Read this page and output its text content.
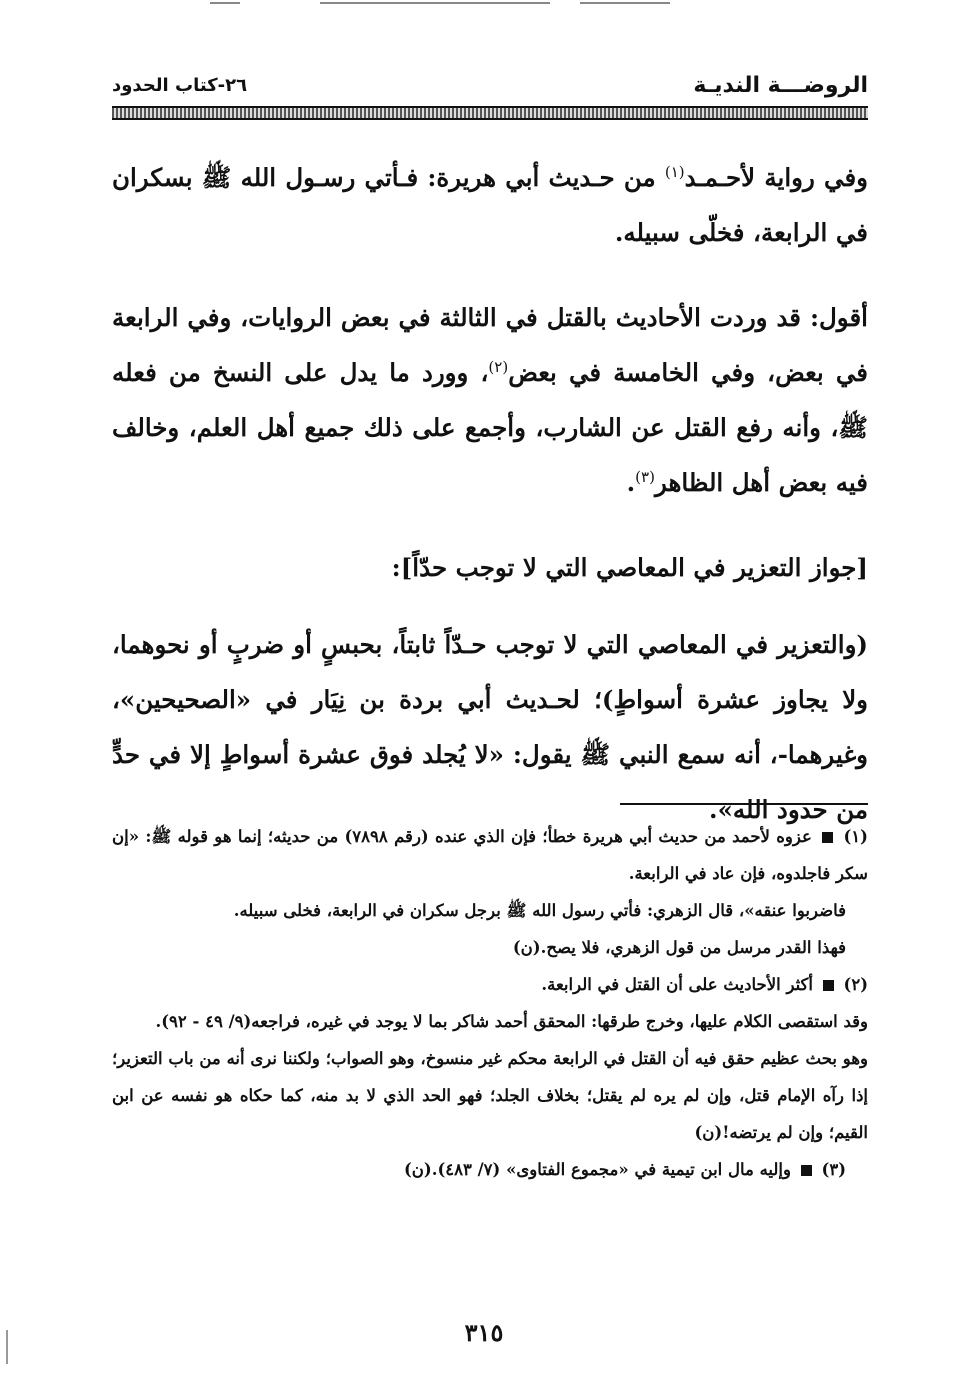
الروضـــة النديـة
٢٦-كتاب الحدود

وفي رواية لأحـمـد$^{(١)}$ من حـديث أبي هريرة: فـأتي رسـول الله ﷺ بسكران في الرابعة، فخلّى سبيله.

أقول: قد وردت الأحاديث بالقتل في الثالثة في بعض الروايات، وفي الرابعة في بعض، وفي الخامسة في بعض$^{(٢)}$، وورد ما يدل على النسخ من فعله ﷺ، وأنه رفع القتل عن الشارب، وأجمع على ذلك جميع أهل العلم، وخالف فيه بعض أهل الظاهر$^{(٣)}$.

[جواز التعزير في المعاصي التي لا توجب حدّاً]:

(والتعزير في المعاصي التي لا توجب حـدّاً ثابتاً، بحبسٍ أو ضربٍ أو نحوهما، ولا يجاوز عشرة أسواطٍ)؛ لحـديث أبي بردة بن نِيَار في «الصحيحين»، وغيرهما-، أنه سمع النبي ﷺ يقول: «لا يُجلد فوق عشرة أسواطٍ إلا في حدٍّ من حدود الله».

(١)  عزوه لأحمد من حديث أبي هريرة خطأ؛ فإن الذي عنده (رقم ٧٨٩٨) من حديثه؛ إنما هو قوله ﷺ: «إن سكر فاجلدوه، فإن عاد في الرابعة.

فاضربوا عنقه»، قال الزهري: فأتي رسول الله ﷺ برجل سكران في الرابعة، فخلى سبيله.

فهذا القدر مرسل من قول الزهري، فلا يصح.(ن)

(٢)  أكثر الأحاديث على أن القتل في الرابعة.

وقد استقصى الكلام عليها، وخرج طرقها: المحقق أحمد شاكر بما لا يوجد في غيره، فراجعه(٩/ ٤٩ - ٩٢).

وهو بحث عظيم حقق فيه أن القتل في الرابعة محكم غير منسوخ، وهو الصواب؛ ولكننا نرى أنه من باب التعزير؛ إذا رآه الإمام قتل، وإن لم يره لم يقتل؛ بخلاف الجلد؛ فهو الحد الذي لا بد منه، كما حكاه هو نفسه عن ابن القيم؛ وإن لم يرتضه!(ن)

(٣)  وإليه مال ابن تيمية في «مجموع الفتاوى» (٧/ ٤٨٣).(ن)

٣١٥
